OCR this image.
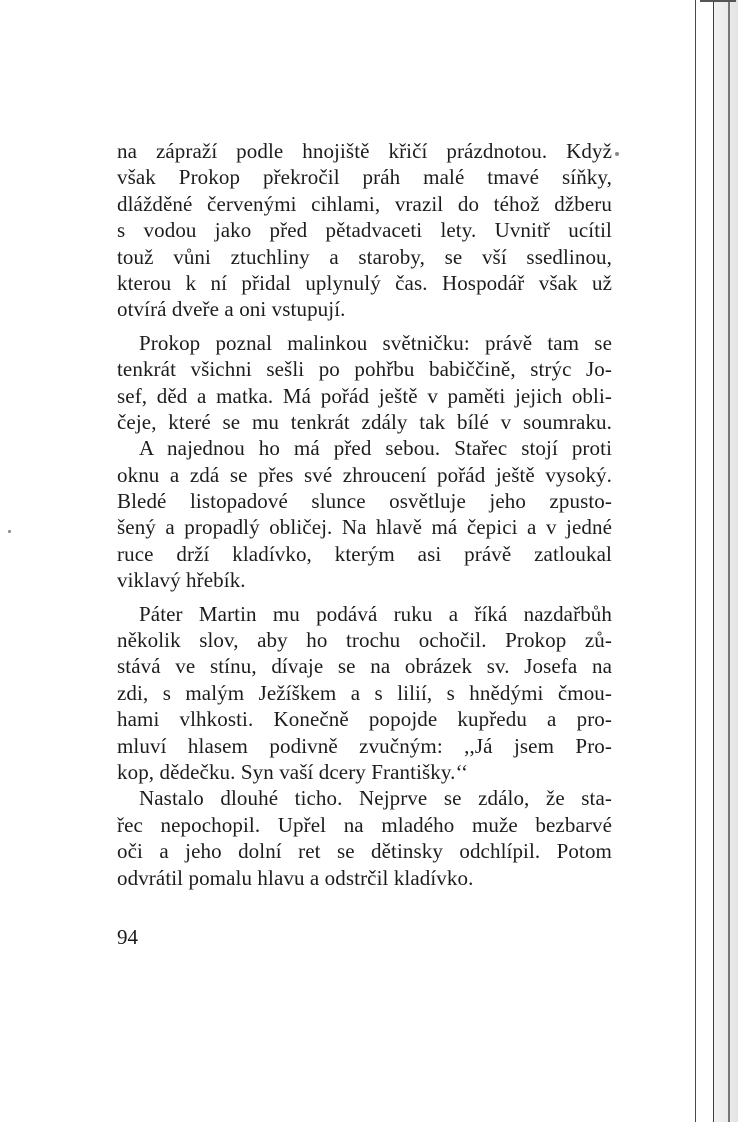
na zápraží podle hnojiště křičí prázdnotou. Když
však Prokop překročil práh malé tmavé síňky,
dlážděné červenými cihlami, vrazil do téhož džberu
s vodou jako před pětadvaceti lety. Uvnitř ucítil
touž vůni ztuchliny a staroby, se vší ssedlinou,
kterou k ní přidal uplynulý čas. Hospodář však už
otvírá dveře a oni vstupují.
Prokop poznal malinkou světničku: právě tam se
tenkrát všichni sešli po pohřbu babiččině, strýc Jo-
sef, děd a matka. Má pořád ještě v paměti jejich obli-
čeje, které se mu tenkrát zdály tak bílé v soumraku.
A najednou ho má před sebou. Stařec stojí proti
oknu a zdá se přes své zhroucení pořád ještě vysoký.
Bledé listopadové slunce osvětluje jeho zpusto-
šený a propadlý obličej. Na hlavě má čepici a v jedné
ruce drží kladívko, kterým asi právě zatloukal
viklavý hřebík.
Páter Martin mu podává ruku a říká nazdařbůh
několik slov, aby ho trochu ochočil. Prokop zů-
stává ve stínu, dívaje se na obrázek sv. Josefa na
zdi, s malým Ježíškem a s lilií, s hnědými čmou-
hami vlhkosti. Konečně popojde kupředu a pro-
mluví hlasem podivně zvučným: ,,Já jsem Pro-
kop, dědečku. Syn vaší dcery Františky.‘‘
Nastalo dlouhé ticho. Nejprve se zdálo, že sta-
řec nepochopil. Upřel na mladého muže bezbarvé
oči a jeho dolní ret se dětinsky odchlípil. Potom
odvrátil pomalu hlavu a odstrčil kladívko.
94
